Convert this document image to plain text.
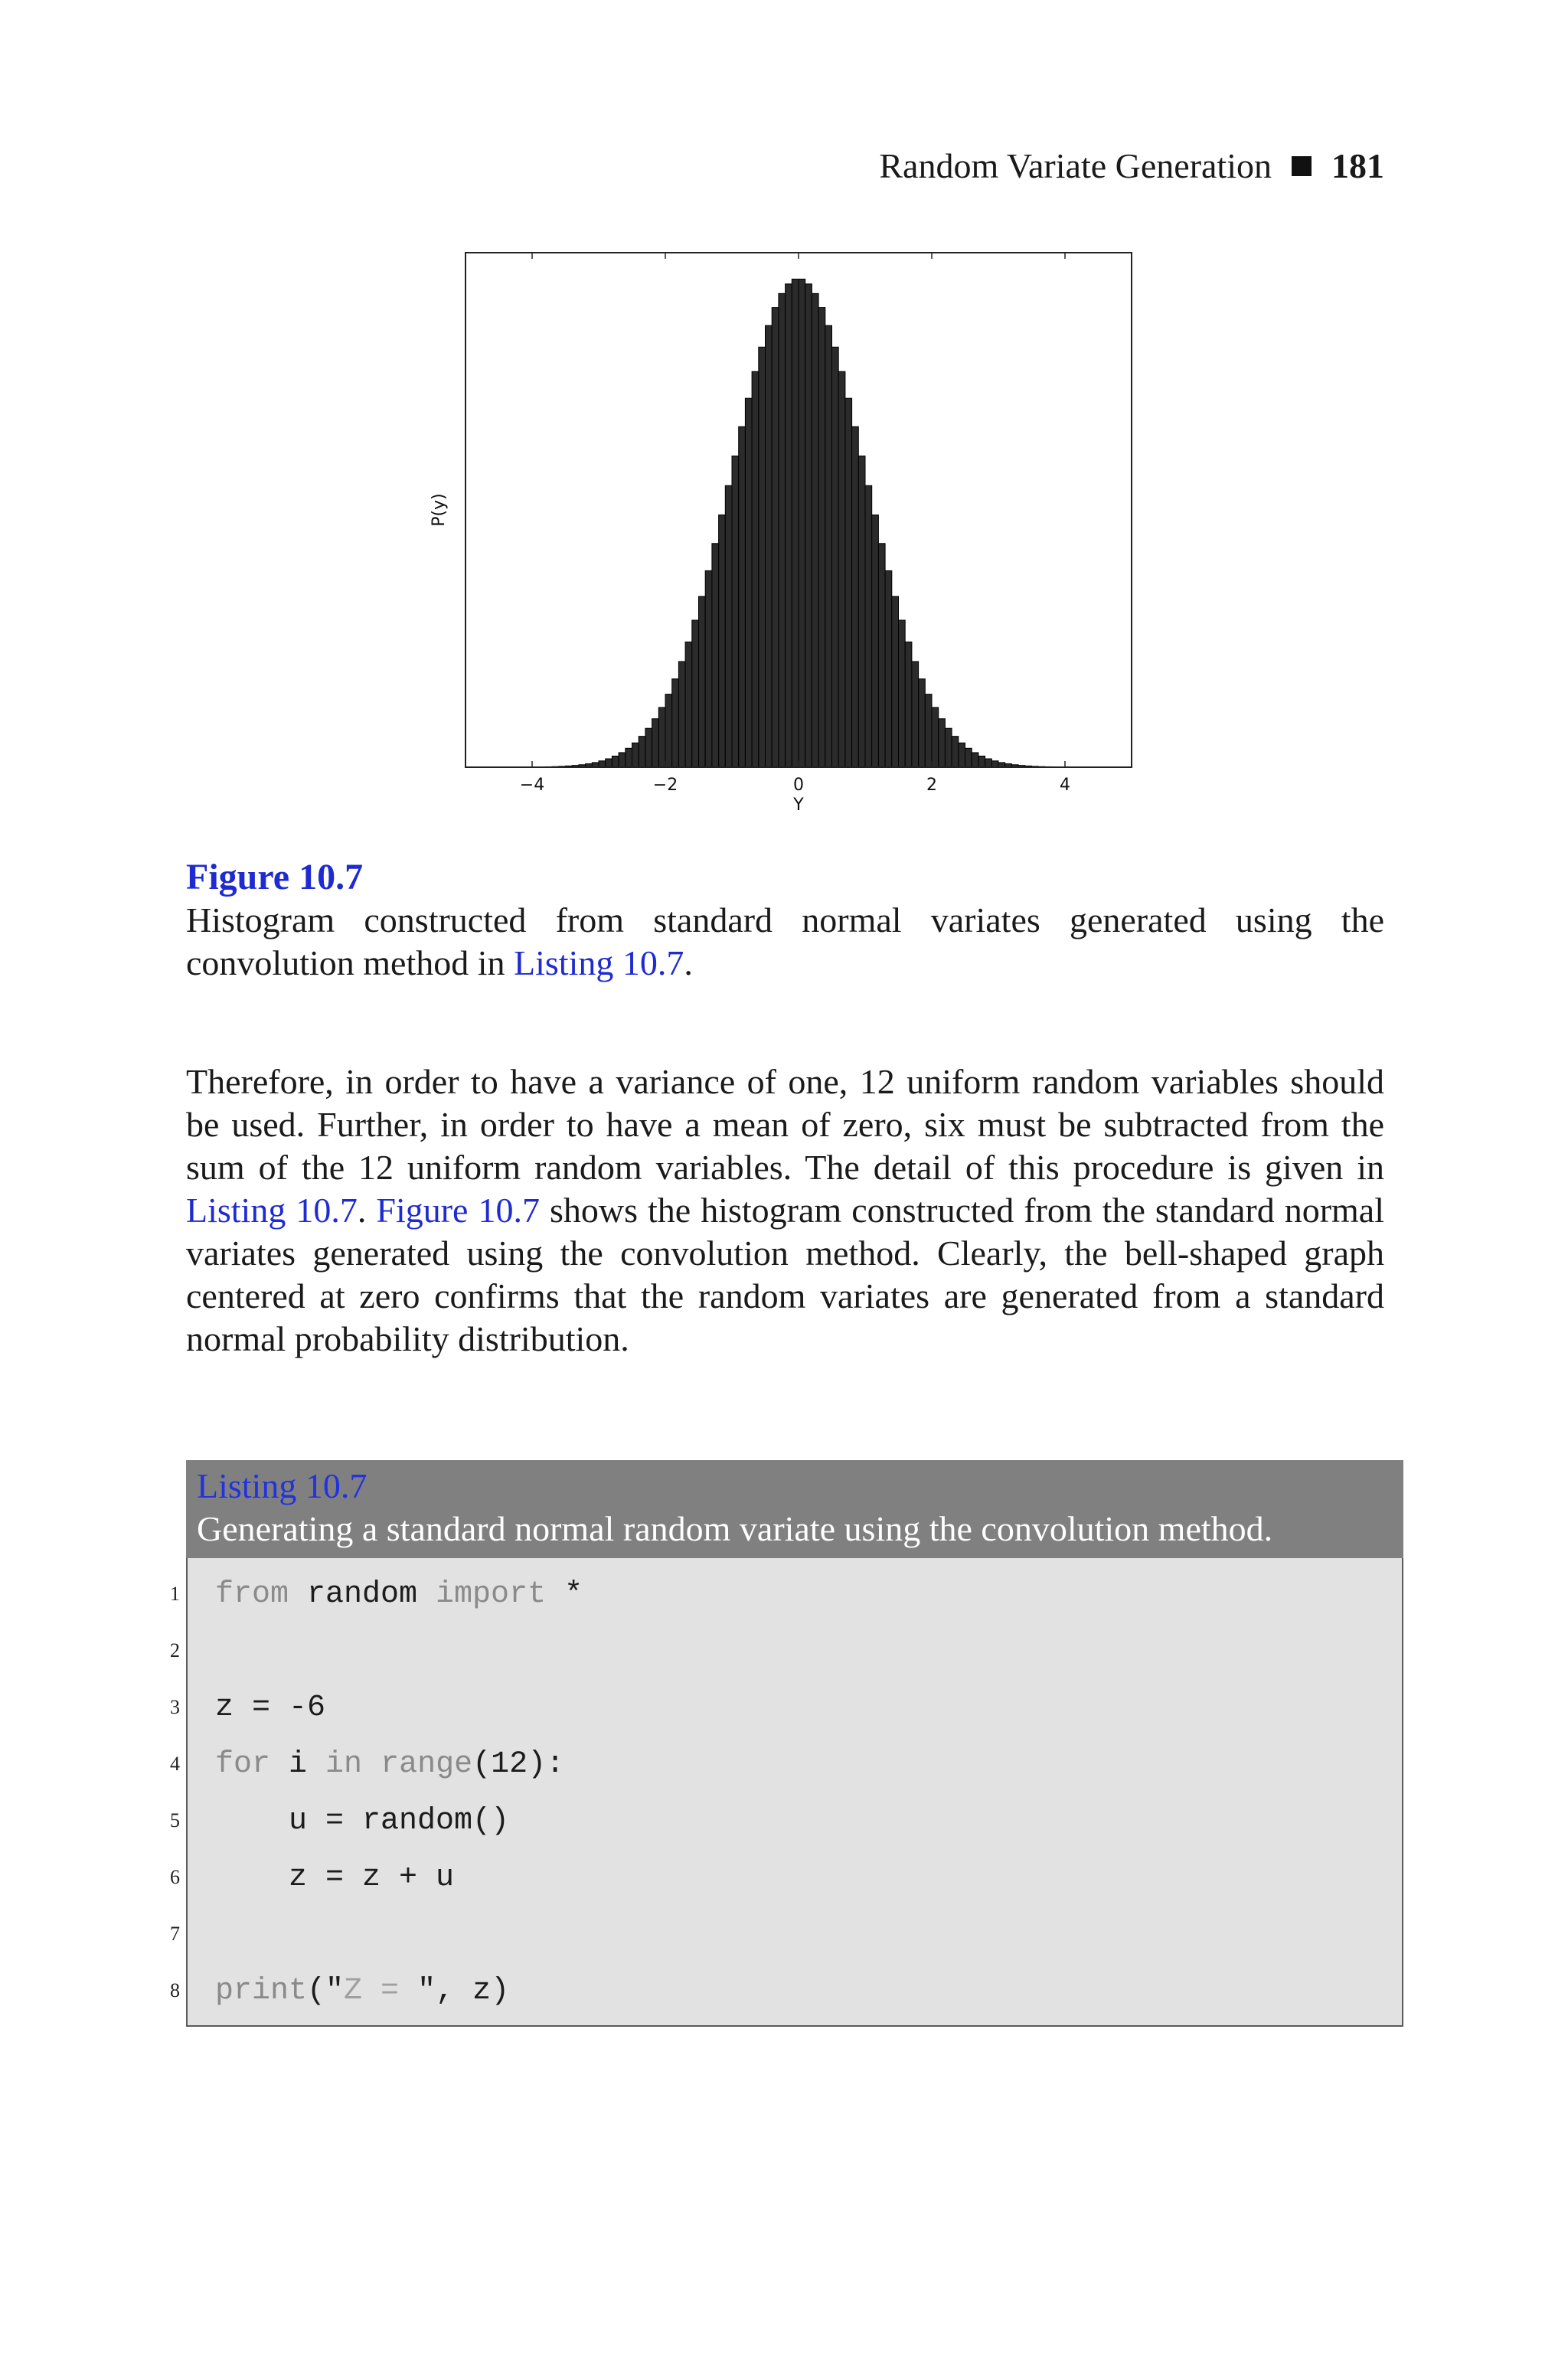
Random Variate Generation 181
−4	−2	0	2	4
Y
P(y)
Figure 10.7
Histogram constructed from standard normal variates generated using the convolution method in Listing 10.7.
Therefore, in order to have a variance of one, 12 uniform random variables should be used. Further, in order to have a mean of zero, six must be subtracted from the sum of the 12 uniform random variables. The detail of this procedure is given in Listing 10.7. Figure 10.7 shows the histogram constructed from the standard normal variates generated using the convolution method. Clearly, the bell-shaped graph centered at zero confirms that the random variates are generated from a standard normal probability distribution.
Listing 10.7
Generating a standard normal random variate using the convolution method.
1 from random import *
2
3 z = -6
4 for i in range(12):
5 u = random()
6 z = z + u
7
8 print("Z = ", z)
